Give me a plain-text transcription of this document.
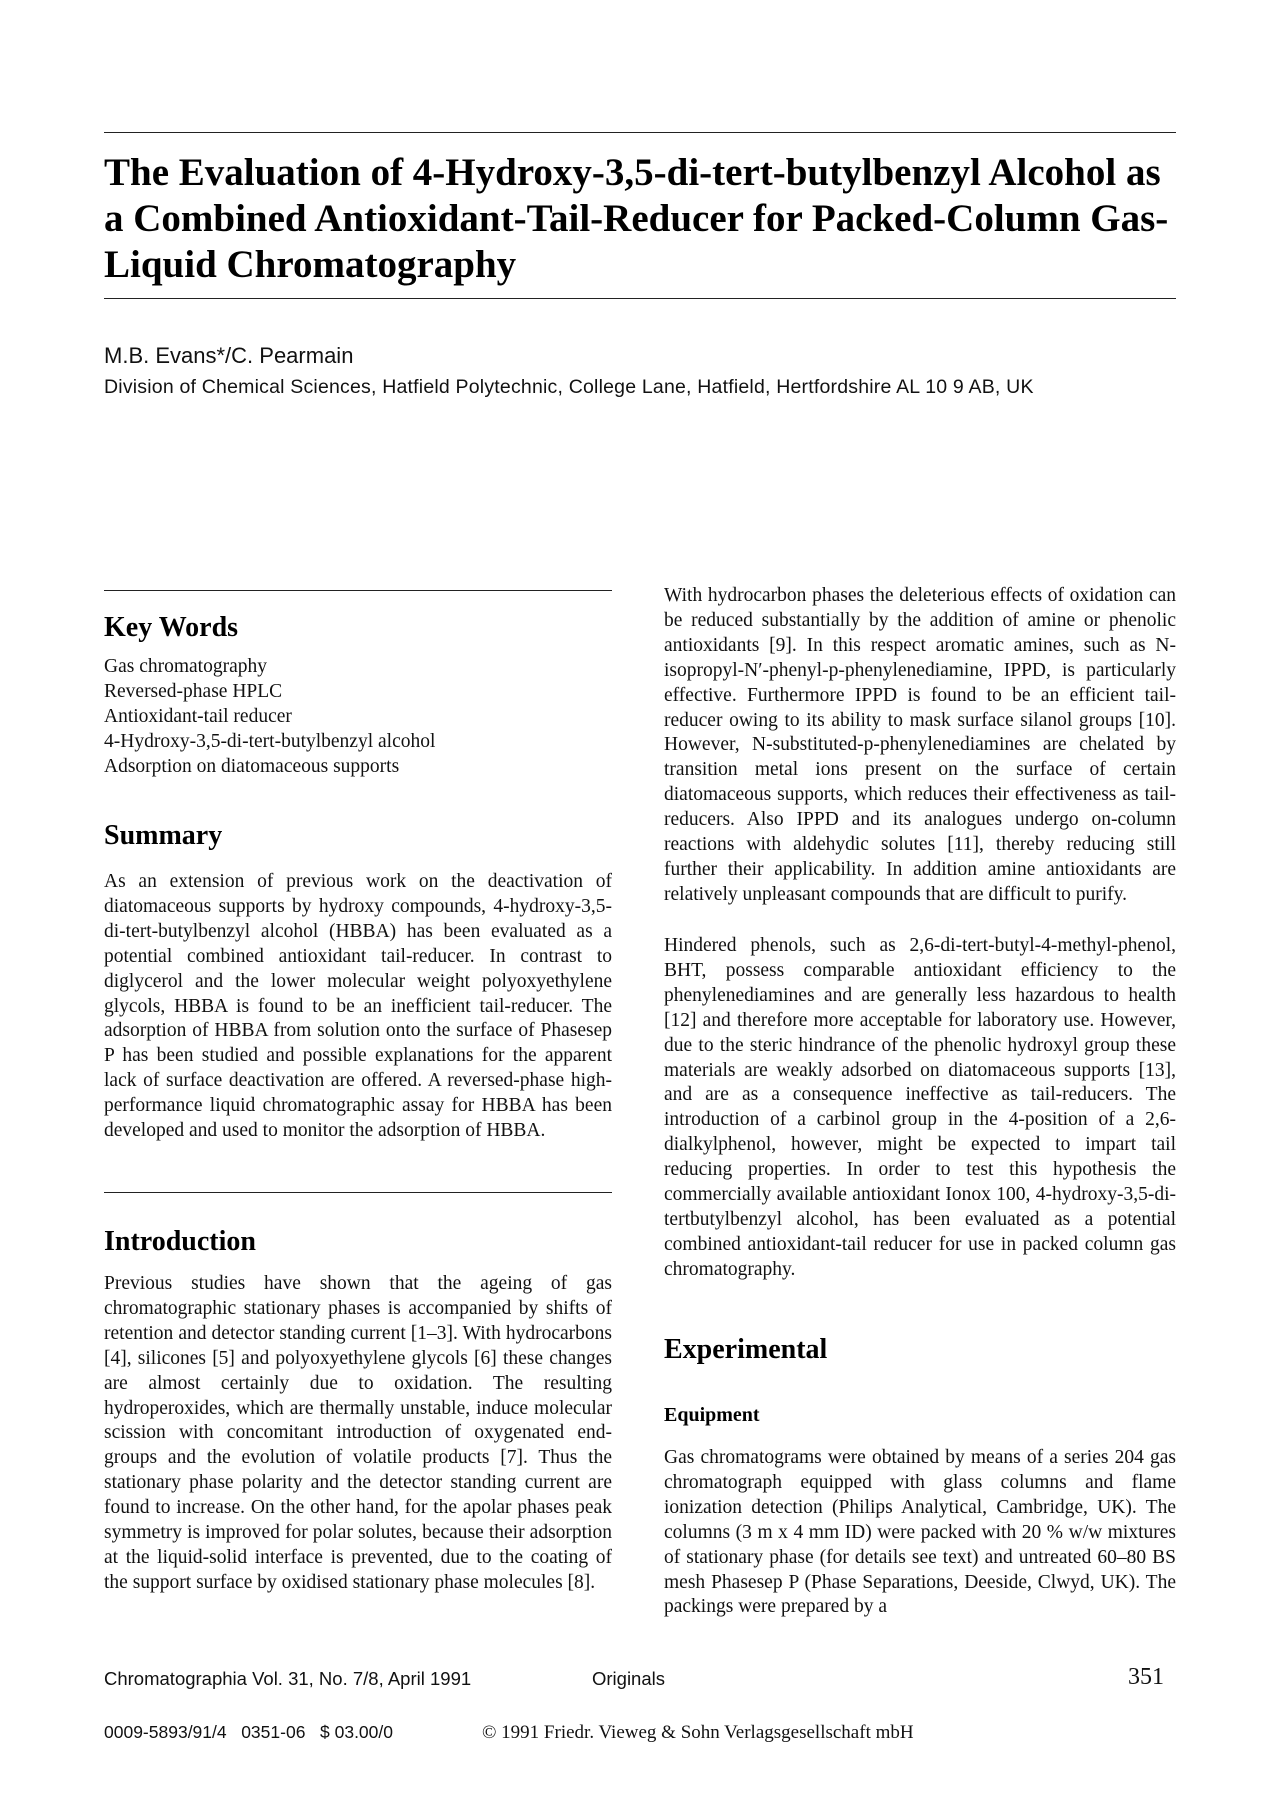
The Evaluation of 4-Hydroxy-3,5-di-tert-butylbenzyl Alcohol as a Combined Antioxidant-Tail-Reducer for Packed-Column Gas-Liquid Chromatography
M.B. Evans*/C. Pearmain
Division of Chemical Sciences, Hatfield Polytechnic, College Lane, Hatfield, Hertfordshire AL 10 9 AB, UK
Key Words
Gas chromatography
Reversed-phase HPLC
Antioxidant-tail reducer
4-Hydroxy-3,5-di-tert-butylbenzyl alcohol
Adsorption on diatomaceous supports
Summary
As an extension of previous work on the deactivation of diatomaceous supports by hydroxy compounds, 4-hydroxy-3,5-di-tert-butylbenzyl alcohol (HBBA) has been evaluated as a potential combined antioxidant tail-reducer. In contrast to diglycerol and the lower molecular weight polyoxyethylene glycols, HBBA is found to be an inefficient tail-reducer. The adsorption of HBBA from solution onto the surface of Phasesep P has been studied and possible explanations for the apparent lack of surface deactivation are offered. A reversed-phase high-performance liquid chromatographic assay for HBBA has been developed and used to monitor the adsorption of HBBA.
Introduction
Previous studies have shown that the ageing of gas chromatographic stationary phases is accompanied by shifts of retention and detector standing current [1–3]. With hydrocarbons [4], silicones [5] and polyoxyethylene glycols [6] these changes are almost certainly due to oxidation. The resulting hydroperoxides, which are thermally unstable, induce molecular scission with concomitant introduction of oxygenated end-groups and the evolution of volatile products [7]. Thus the stationary phase polarity and the detector standing current are found to increase. On the other hand, for the apolar phases peak symmetry is improved for polar solutes, because their adsorption at the liquid-solid interface is prevented, due to the coating of the support surface by oxidised stationary phase molecules [8].
With hydrocarbon phases the deleterious effects of oxidation can be reduced substantially by the addition of amine or phenolic antioxidants [9]. In this respect aromatic amines, such as N-isopropyl-N′-phenyl-p-phenylenediamine, IPPD, is particularly effective. Furthermore IPPD is found to be an efficient tail-reducer owing to its ability to mask surface silanol groups [10]. However, N-substituted-p-phenylenediamines are chelated by transition metal ions present on the surface of certain diatomaceous supports, which reduces their effectiveness as tail-reducers. Also IPPD and its analogues undergo on-column reactions with aldehydic solutes [11], thereby reducing still further their applicability. In addition amine antioxidants are relatively unpleasant compounds that are difficult to purify.
Hindered phenols, such as 2,6-di-tert-butyl-4-methyl-phenol, BHT, possess comparable antioxidant efficiency to the phenylenediamines and are generally less hazardous to health [12] and therefore more acceptable for laboratory use. However, due to the steric hindrance of the phenolic hydroxyl group these materials are weakly adsorbed on diatomaceous supports [13], and are as a consequence ineffective as tail-reducers. The introduction of a carbinol group in the 4-position of a 2,6-dialkylphenol, however, might be expected to impart tail reducing properties. In order to test this hypothesis the commercially available antioxidant Ionox 100, 4-hydroxy-3,5-di-tertbutylbenzyl alcohol, has been evaluated as a potential combined antioxidant-tail reducer for use in packed column gas chromatography.
Experimental
Equipment
Gas chromatograms were obtained by means of a series 204 gas chromatograph equipped with glass columns and flame ionization detection (Philips Analytical, Cambridge, UK). The columns (3 m x 4 mm ID) were packed with 20 % w/w mixtures of stationary phase (for details see text) and untreated 60–80 BS mesh Phasesep P (Phase Separations, Deeside, Clwyd, UK). The packings were prepared by a
Chromatographia Vol. 31, No. 7/8, April 1991	Originals	351
0009-5893/91/4   0351-06   $ 03.00/0	© 1991 Friedr. Vieweg & Sohn Verlagsgesellschaft mbH
